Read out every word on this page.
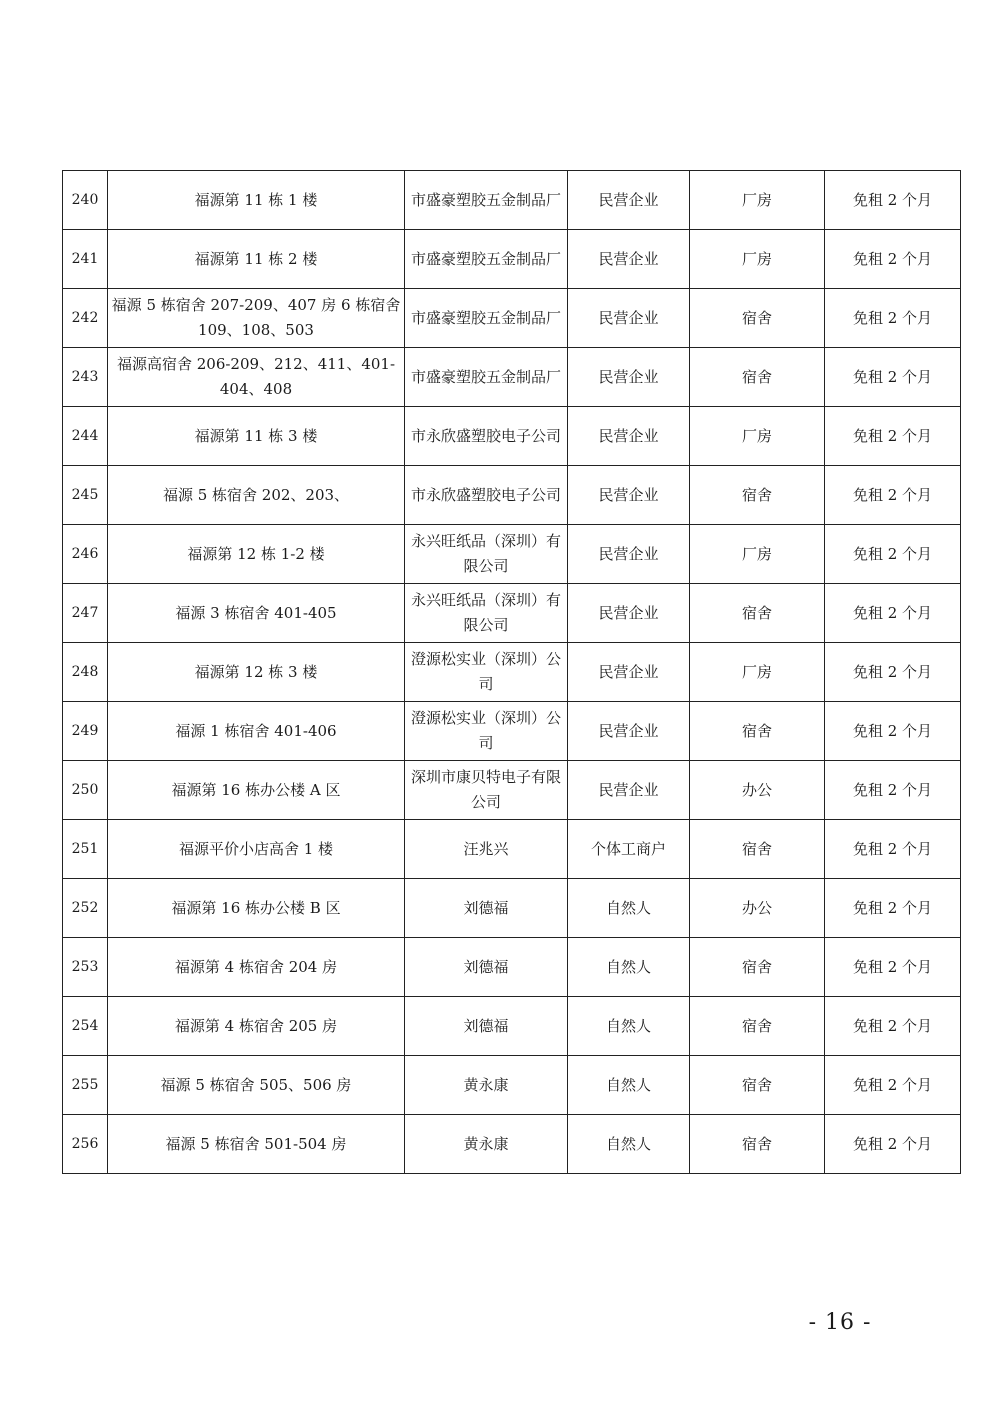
240	福源第 11 栋 1 楼	市盛豪塑胶五金制品厂	民营企业	厂房	免租 2 个月
241	福源第 11 栋 2 楼	市盛豪塑胶五金制品厂	民营企业	厂房	免租 2 个月
242	福源 5 栋宿舍 207-209、407 房 6 栋宿舍 109、108、503	市盛豪塑胶五金制品厂	民营企业	宿舍	免租 2 个月
243	福源高宿舍 206-209、212、411、401-404、408	市盛豪塑胶五金制品厂	民营企业	宿舍	免租 2 个月
244	福源第 11 栋 3 楼	市永欣盛塑胶电子公司	民营企业	厂房	免租 2 个月
245	福源 5 栋宿舍 202、203、	市永欣盛塑胶电子公司	民营企业	宿舍	免租 2 个月
246	福源第 12 栋 1-2 楼	永兴旺纸品（深圳）有限公司	民营企业	厂房	免租 2 个月
247	福源 3 栋宿舍 401-405	永兴旺纸品（深圳）有限公司	民营企业	宿舍	免租 2 个月
248	福源第 12 栋 3 楼	澄源松实业（深圳）公司	民营企业	厂房	免租 2 个月
249	福源 1 栋宿舍 401-406	澄源松实业（深圳）公司	民营企业	宿舍	免租 2 个月
250	福源第 16 栋办公楼 A 区	深圳市康贝特电子有限公司	民营企业	办公	免租 2 个月
251	福源平价小店高舍 1 楼	汪兆兴	个体工商户	宿舍	免租 2 个月
252	福源第 16 栋办公楼 B 区	刘德福	自然人	办公	免租 2 个月
253	福源第 4 栋宿舍 204 房	刘德福	自然人	宿舍	免租 2 个月
254	福源第 4 栋宿舍 205 房	刘德福	自然人	宿舍	免租 2 个月
255	福源 5 栋宿舍 505、506 房	黄永康	自然人	宿舍	免租 2 个月
256	福源 5 栋宿舍 501-504 房	黄永康	自然人	宿舍	免租 2 个月
- 16 -
